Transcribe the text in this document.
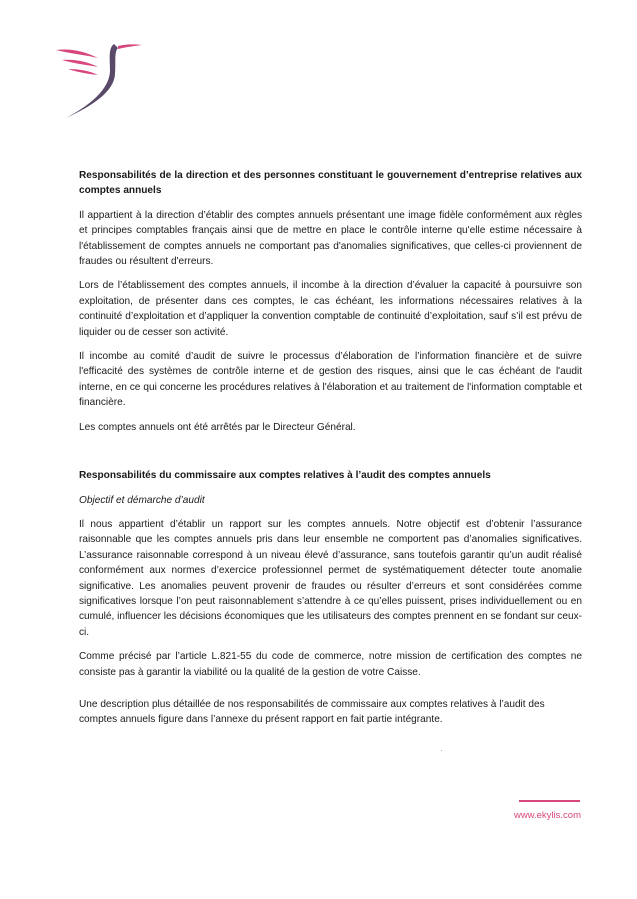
Responsabilités de la direction et des personnes constituant le gouvernement d’entreprise relatives aux comptes annuels

Il appartient à la direction d’établir des comptes annuels présentant une image fidèle conformément aux règles et principes comptables français ainsi que de mettre en place le contrôle interne qu'elle estime nécessaire à l'établissement de comptes annuels ne comportant pas d'anomalies significatives, que celles-ci proviennent de fraudes ou résultent d'erreurs.

Lors de l’établissement des comptes annuels, il incombe à la direction d’évaluer la capacité à poursuivre son exploitation, de présenter dans ces comptes, le cas échéant, les informations nécessaires relatives à la continuité d’exploitation et d’appliquer la convention comptable de continuité d’exploitation, sauf s’il est prévu de liquider ou de cesser son activité.

Il incombe au comité d’audit de suivre le processus d’élaboration de l’information financière et de suivre l'efficacité des systèmes de contrôle interne et de gestion des risques, ainsi que le cas échéant de l'audit interne, en ce qui concerne les procédures relatives à l'élaboration et au traitement de l'information comptable et financière.

Les comptes annuels ont été arrêtés par le Directeur Général.

Responsabilités du commissaire aux comptes relatives à l’audit des comptes annuels

Objectif et démarche d’audit

Il nous appartient d’établir un rapport sur les comptes annuels. Notre objectif est d’obtenir l’assurance raisonnable que les comptes annuels pris dans leur ensemble ne comportent pas d’anomalies significatives. L’assurance raisonnable correspond à un niveau élevé d’assurance, sans toutefois garantir qu’un audit réalisé conformément aux normes d’exercice professionnel permet de systématiquement détecter toute anomalie significative. Les anomalies peuvent provenir de fraudes ou résulter d’erreurs et sont considérées comme significatives lorsque l’on peut raisonnablement s’attendre à ce qu’elles puissent, prises individuellement ou en cumulé, influencer les décisions économiques que les utilisateurs des comptes prennent en se fondant sur ceux-ci.

Comme précisé par l’article L.821-55 du code de commerce, notre mission de certification des comptes ne consiste pas à garantir la viabilité ou la qualité de la gestion de votre Caisse.

Une description plus détaillée de nos responsabilités de commissaire aux comptes relatives à l’audit des comptes annuels figure dans l’annexe du présent rapport en fait partie intégrante.

www.ekylis.com
